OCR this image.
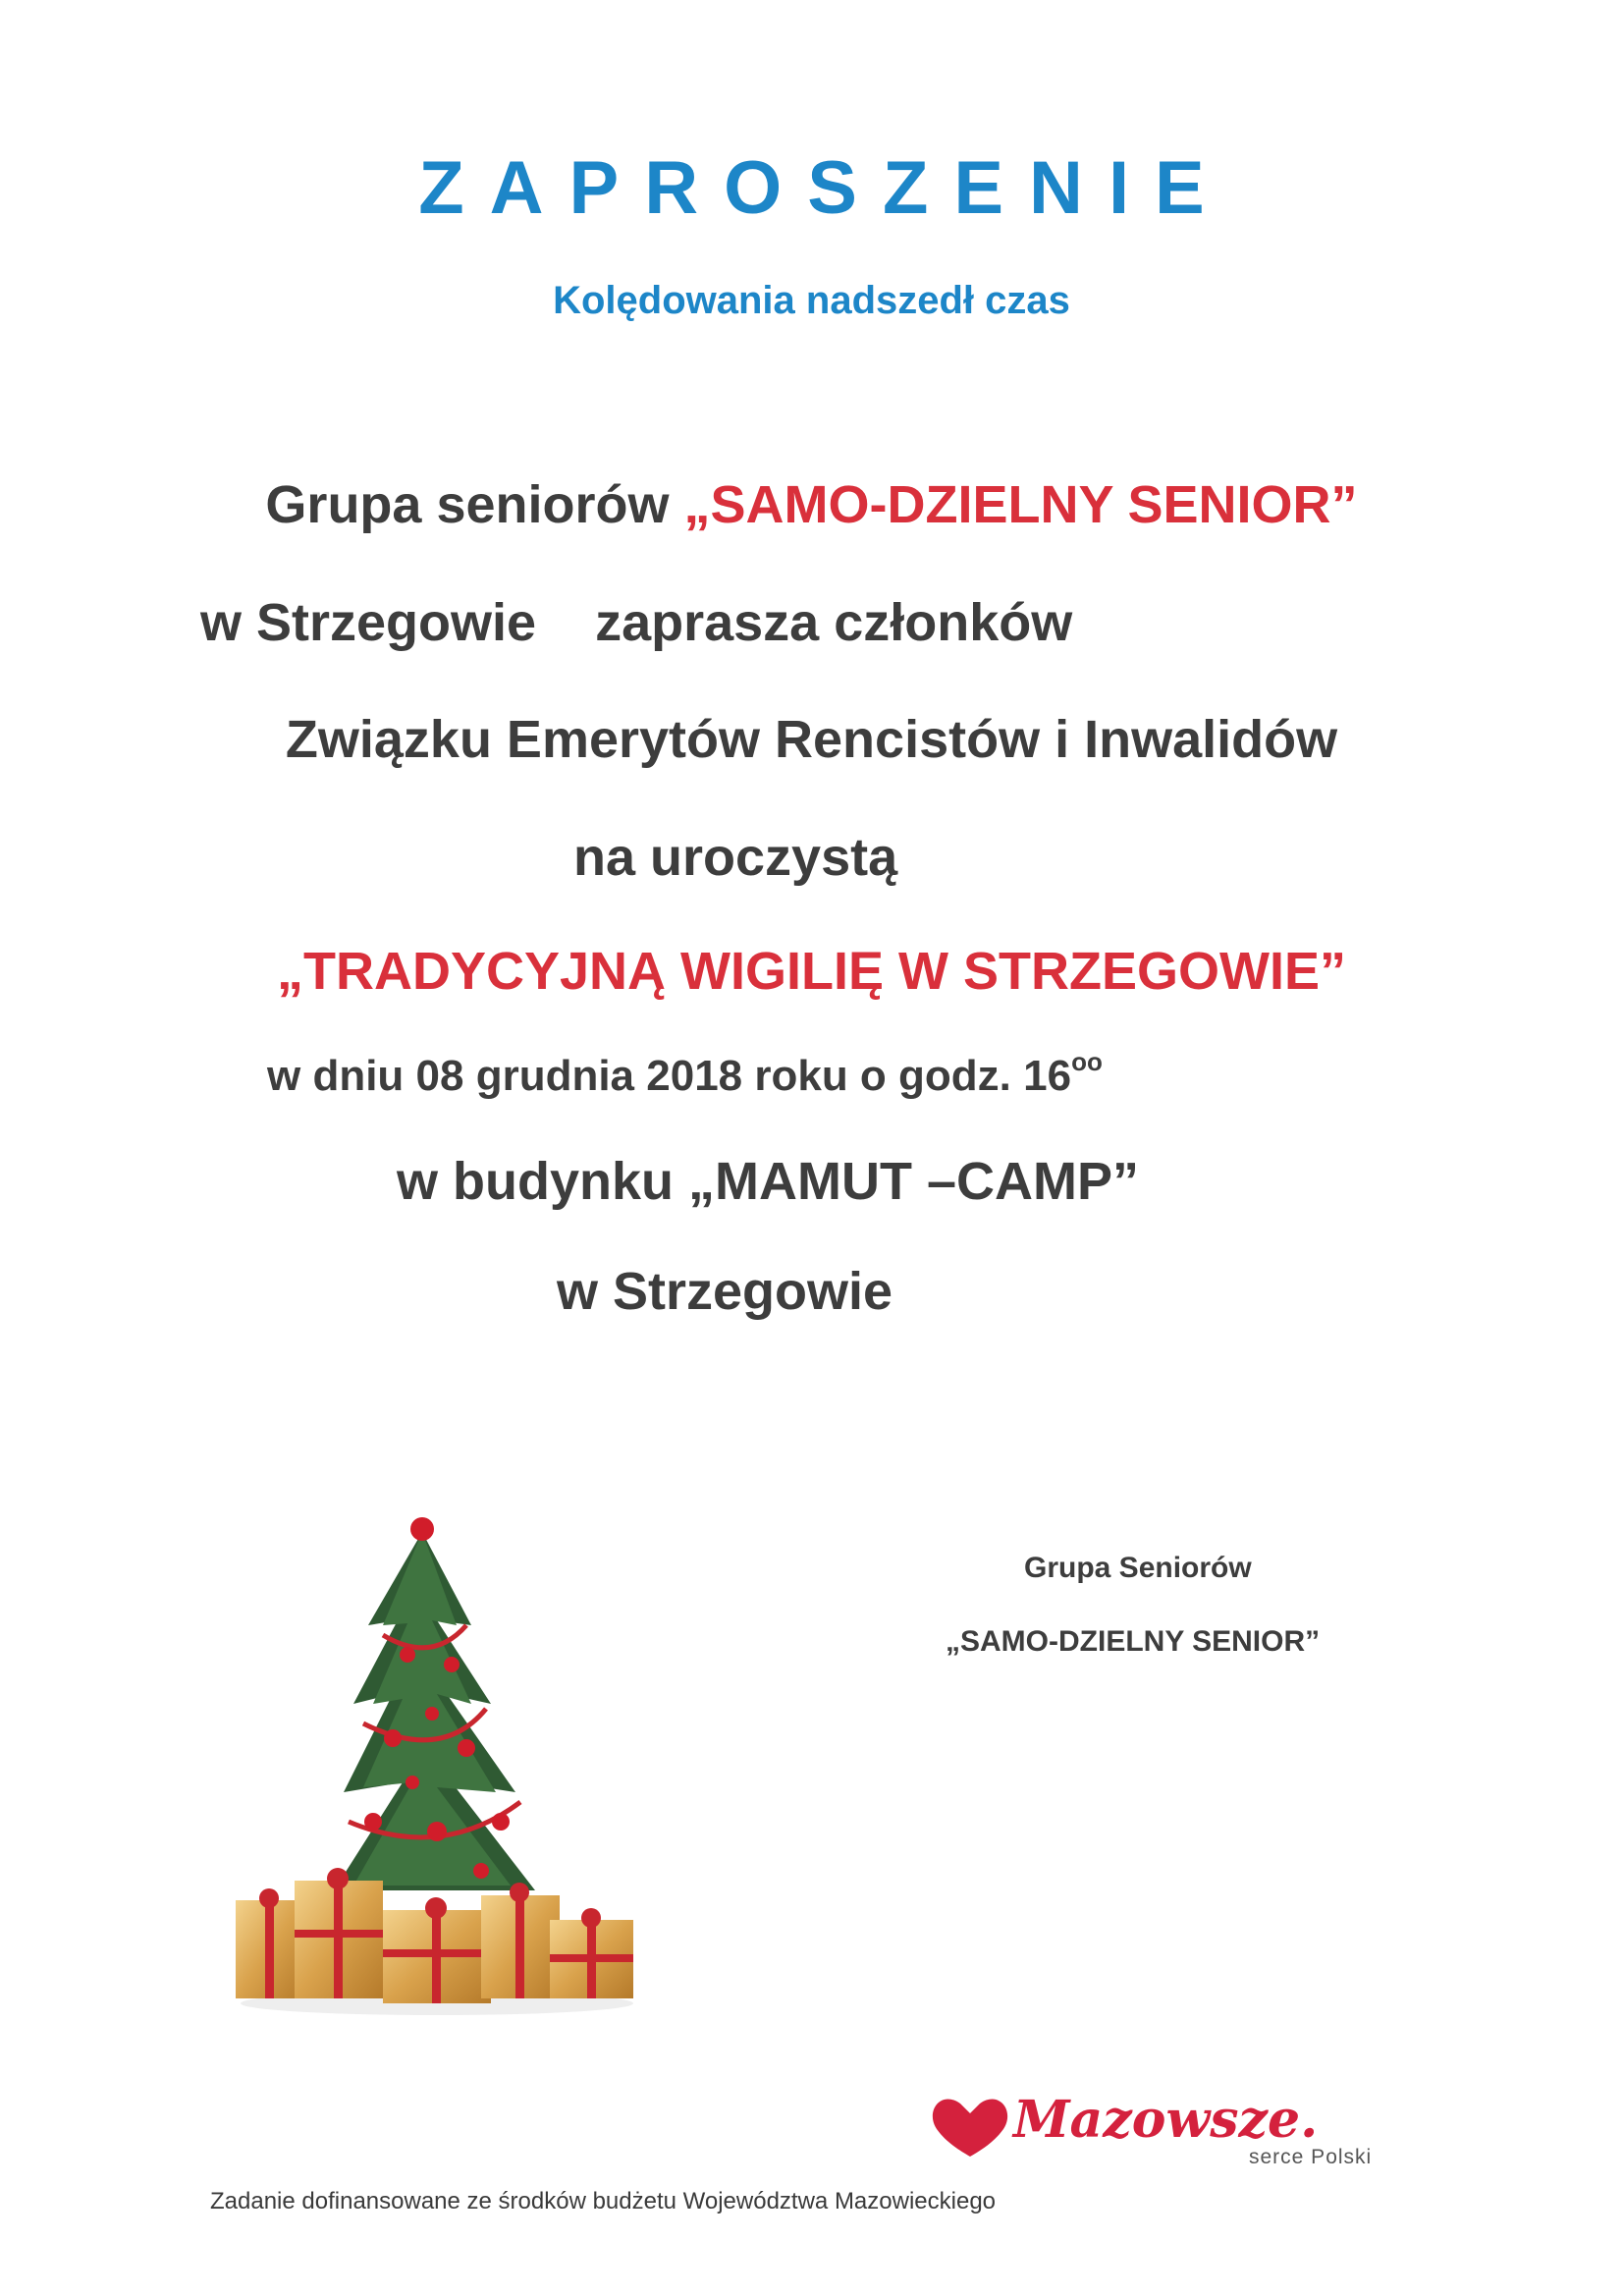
ZAPROSZENIE
Kolędowania nadszedł czas
Grupa seniorów „SAMO-DZIELNY SENIOR”
w Strzegowie zaprasza członków
Związku Emerytów Rencistów i Inwalidów
na uroczystą
„TRADYCYJNĄ WIGILIĘ W STRZEGOWIE”
w dniu 08 grudnia 2018 roku o godz. $16^{oo}$
w budynku „MAMUT –CAMP”
w Strzegowie
Grupa Seniorów
„SAMO-DZIELNY SENIOR”
Mazowsze.
serce Polski
Zadanie dofinansowane ze środków budżetu Województwa Mazowieckiego
